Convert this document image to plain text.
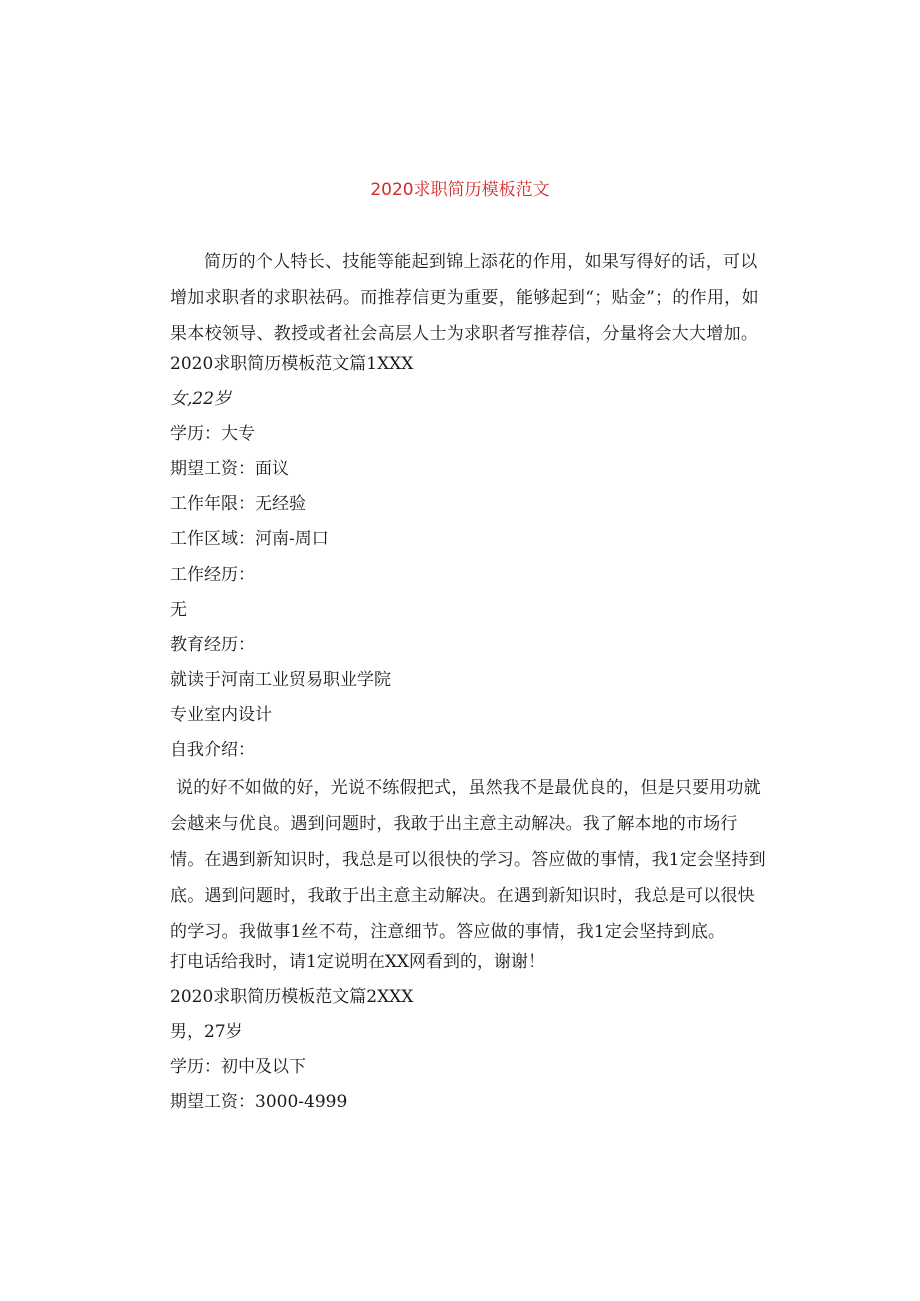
2020求职简历模板范文
简历的个人特长、技能等能起到锦上添花的作用，如果写得好的话，可以增加求职者的求职祛码。而推荐信更为重要，能够起到“；贴金”；的作用，如果本校领导、教授或者社会高层人士为求职者写推荐信，分量将会大大增加。
2020求职简历模板范文篇1XXX
女,22岁
学历：大专
期望工资：面议
工作年限：无经验
工作区域：河南-周口
工作经历：
无
教育经历：
就读于河南工业贸易职业学院
专业室内设计
自我介绍：
说的好不如做的好，光说不练假把式，虽然我不是最优良的，但是只要用功就会越来与优良。遇到问题时，我敢于出主意主动解决。我了解本地的市场行情。在遇到新知识时，我总是可以很快的学习。答应做的事情，我1定会坚持到底。遇到问题时，我敢于出主意主动解决。在遇到新知识时，我总是可以很快的学习。我做事1丝不苟，注意细节。答应做的事情，我1定会坚持到底。
打电话给我时，请1定说明在XX网看到的，谢谢！
2020求职简历模板范文篇2XXX
男，27岁
学历：初中及以下
期望工资：3000-4999
